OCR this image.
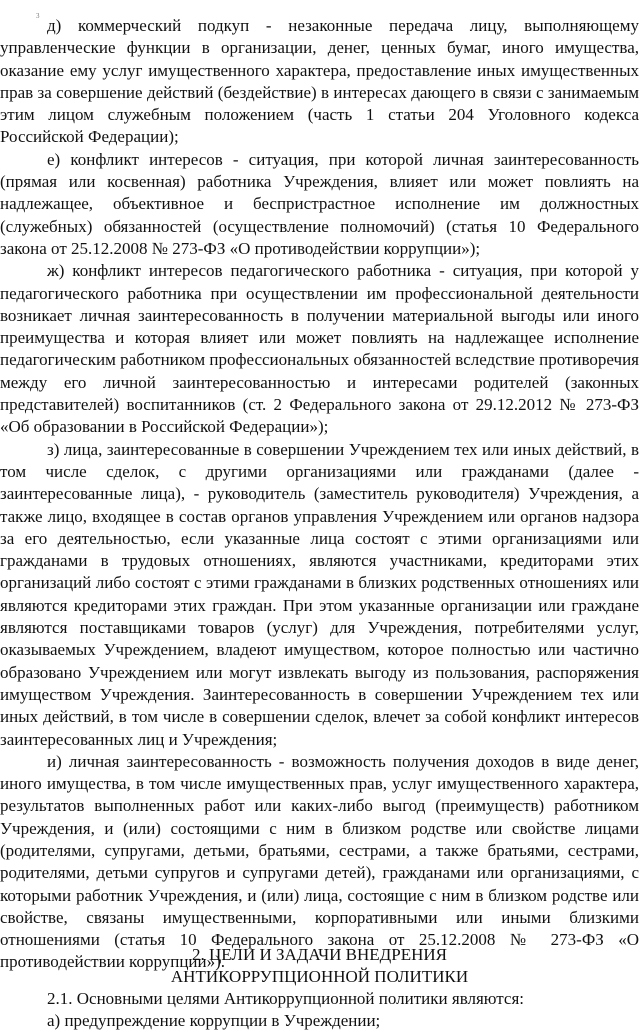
3 д) коммерческий подкуп - незаконные передача лицу, выполняющему управленческие функции в организации, денег, ценных бумаг, иного имущества, оказание ему услуг имущественного характера, предоставление иных имущественных прав за совершение действий (бездействие) в интересах дающего в связи с занимаемым этим лицом служебным положением (часть 1 статьи 204 Уголовного кодекса Российской Федерации);

е) конфликт интересов - ситуация, при которой личная заинтересованность (прямая или косвенная) работника Учреждения, влияет или может повлиять на надлежащее, объективное и беспристрастное исполнение им должностных (служебных) обязанностей (осуществление полномочий) (статья 10 Федерального закона от 25.12.2008 № 273-ФЗ «О противодействии коррупции»);

ж) конфликт интересов педагогического работника - ситуация, при которой у педагогического работника при осуществлении им профессиональной деятельности возникает личная заинтересованность в получении материальной выгоды или иного преимущества и которая влияет или может повлиять на надлежащее исполнение педагогическим работником профессиональных обязанностей вследствие противоречия между его личной заинтересованностью и интересами родителей (законных представителей) воспитанников (ст. 2 Федерального закона от 29.12.2012 № 273-ФЗ «Об образовании в Российской Федерации»);

з) лица, заинтересованные в совершении Учреждением тех или иных действий, в том числе сделок, с другими организациями или гражданами (далее - заинтересованные лица), - руководитель (заместитель руководителя) Учреждения, а также лицо, входящее в состав органов управления Учреждением или органов надзора за его деятельностью, если указанные лица состоят с этими организациями или гражданами в трудовых отношениях, являются участниками, кредиторами этих организаций либо состоят с этими гражданами в близких родственных отношениях или являются кредиторами этих граждан. При этом указанные организации или граждане являются поставщиками товаров (услуг) для Учреждения, потребителями услуг, оказываемых Учреждением, владеют имуществом, которое полностью или частично образовано Учреждением или могут извлекать выгоду из пользования, распоряжения имуществом Учреждения. Заинтересованность в совершении Учреждением тех или иных действий, в том числе в совершении сделок, влечет за собой конфликт интересов заинтересованных лиц и Учреждения;

и) личная заинтересованность - возможность получения доходов в виде денег, иного имущества, в том числе имущественных прав, услуг имущественного характера, результатов выполненных работ или каких-либо выгод (преимуществ) работником Учреждения, и (или) состоящими с ним в близком родстве или свойстве лицами (родителями, супругами, детьми, братьями, сестрами, а также братьями, сестрами, родителями, детьми супругов и супругами детей), гражданами или организациями, с которыми работник Учреждения, и (или) лица, состоящие с ним в близком родстве или свойстве, связаны имущественными, корпоративными или иными близкими отношениями (статья 10 Федерального закона от 25.12.2008 № 273-ФЗ «О противодействии коррупции»).

2. ЦЕЛИ И ЗАДАЧИ ВНЕДРЕНИЯ
АНТИКОРРУПЦИОННОЙ ПОЛИТИКИ

2.1. Основными целями Антикоррупционной политики являются:

а) предупреждение коррупции в Учреждении;
